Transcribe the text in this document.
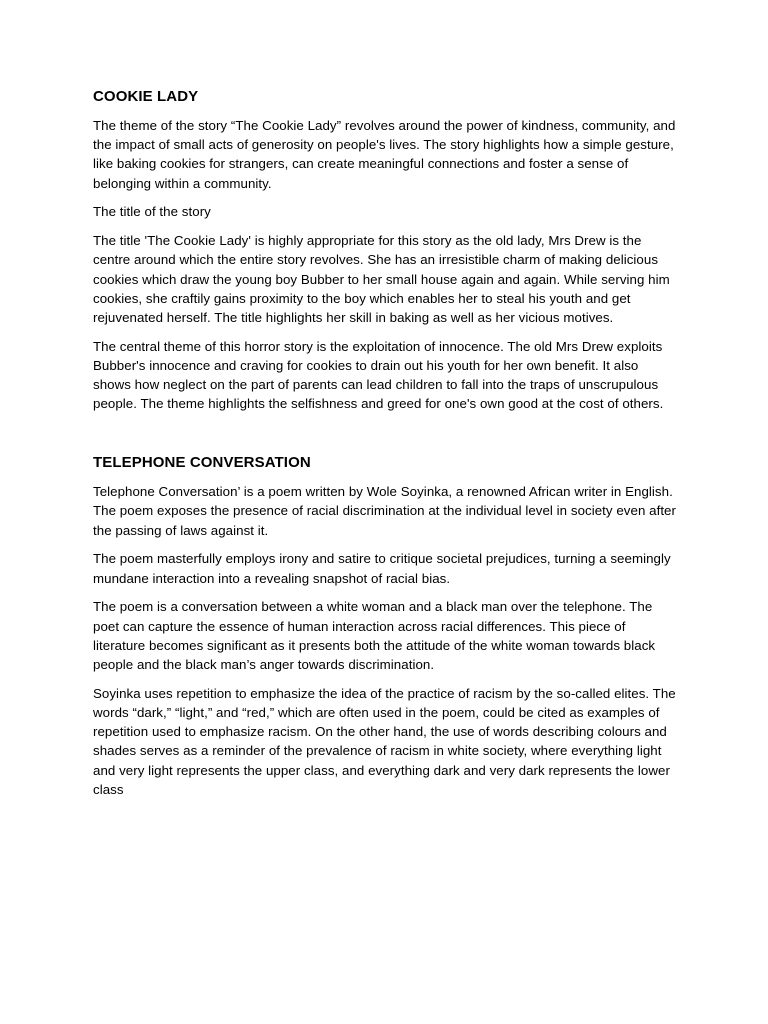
COOKIE LADY

The theme of the story “The Cookie Lady” revolves around the power of kindness, community, and the impact of small acts of generosity on people's lives. The story highlights how a simple gesture, like baking cookies for strangers, can create meaningful connections and foster a sense of belonging within a community.

The title of the story

The title 'The Cookie Lady' is highly appropriate for this story as the old lady, Mrs Drew is the centre around which the entire story revolves. She has an irresistible charm of making delicious cookies which draw the young boy Bubber to her small house again and again. While serving him cookies, she craftily gains proximity to the boy which enables her to steal his youth and get rejuvenated herself. The title highlights her skill in baking as well as her vicious motives.

The central theme of this horror story is the exploitation of innocence. The old Mrs Drew exploits Bubber's innocence and craving for cookies to drain out his youth for her own benefit. It also shows how neglect on the part of parents can lead children to fall into the traps of unscrupulous people. The theme highlights the selfishness and greed for one's own good at the cost of others.

TELEPHONE CONVERSATION

Telephone Conversation’ is a poem written by Wole Soyinka, a renowned African writer in English. The poem exposes the presence of racial discrimination at the individual level in society even after the passing of laws against it.

The poem masterfully employs irony and satire to critique societal prejudices, turning a seemingly mundane interaction into a revealing snapshot of racial bias.

The poem is a conversation between a white woman and a black man over the telephone. The poet can capture the essence of human interaction across racial differences. This piece of literature becomes significant as it presents both the attitude of the white woman towards black people and the black man’s anger towards discrimination.

Soyinka uses repetition to emphasize the idea of the practice of racism by the so-called elites. The words “dark,” “light,” and “red,” which are often used in the poem, could be cited as examples of repetition used to emphasize racism. On the other hand, the use of words describing colours and shades serves as a reminder of the prevalence of racism in white society, where everything light and very light represents the upper class, and everything dark and very dark represents the lower class
